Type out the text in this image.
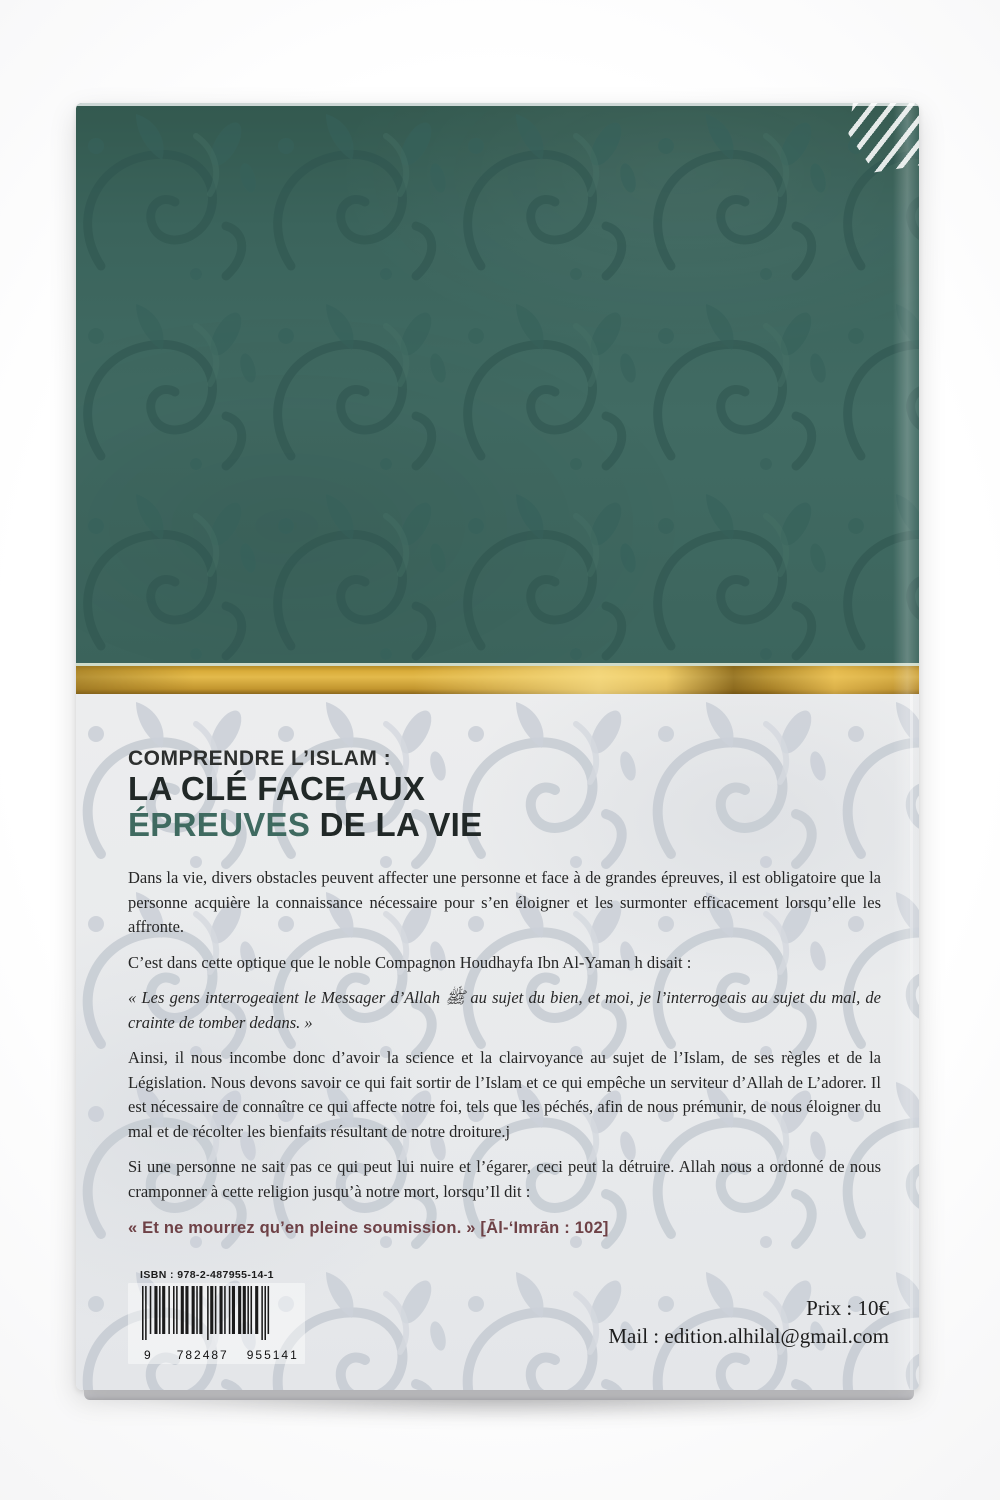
COMPRENDRE L’ISLAM :

LA CLÉ FACE AUX

ÉPREUVES DE LA VIE

Dans la vie, divers obstacles peuvent affecter une personne et face à de grandes épreuves, il est obligatoire que la personne acquière la connaissance nécessaire pour s’en éloigner et les surmonter efficacement lorsqu’elle les affronte.

C’est dans cette optique que le noble Compagnon Houdhayfa Ibn Al-Yaman h disait :

« Les gens interrogeaient le Messager d’Allah ﷺ au sujet du bien, et moi, je l’interrogeais au sujet du mal, de crainte de tomber dedans. »

Ainsi, il nous incombe donc d’avoir la science et la clairvoyance au sujet de l’Islam, de ses règles et de la Législation. Nous devons savoir ce qui fait sortir de l’Islam et ce qui empêche un serviteur d’Allah de L’adorer. Il est nécessaire de connaître ce qui affecte notre foi, tels que les péchés, afin de nous prémunir, de nous éloigner du mal et de récolter les bienfaits résultant de notre droiture.j

Si une personne ne sait pas ce qui peut lui nuire et l’égarer, ceci peut la détruire. Allah nous a ordonné de nous cramponner à cette religion jusqu’à notre mort, lorsqu’Il dit :

« Et ne mourrez qu’en pleine soumission. » [Āl-‘Imrān : 102]

ISBN : 978-2-487955-14-1

9 782487 955141

Prix : 10€

Mail : edition.alhilal@gmail.com
